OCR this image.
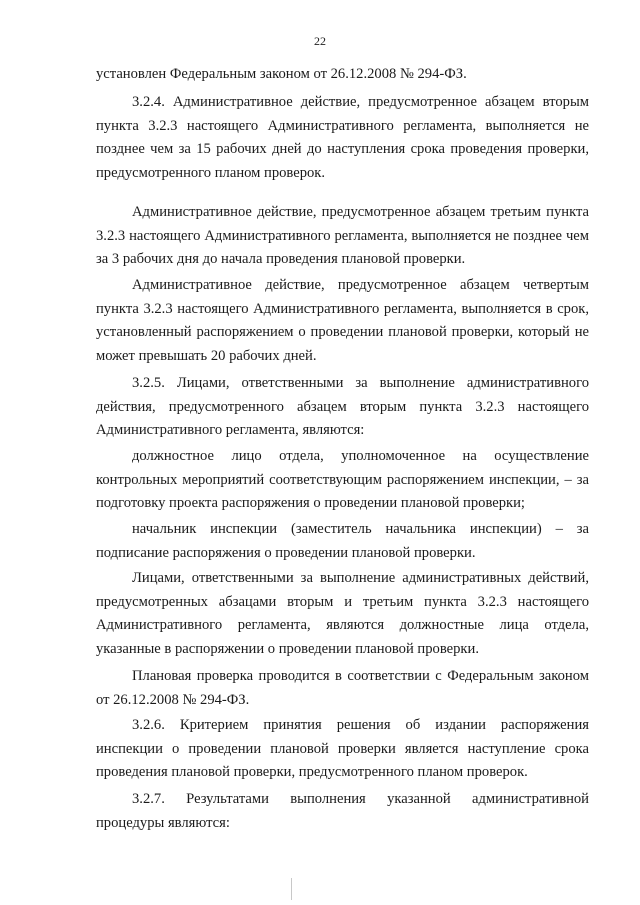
22

установлен Федеральным законом от 26.12.2008 № 294-ФЗ.

3.2.4. Административное действие, предусмотренное абзацем вторым пункта 3.2.3 настоящего Административного регламента, выполняется не позднее чем за 15 рабочих дней до наступления срока проведения проверки, предусмотренного планом проверок.

Административное действие, предусмотренное абзацем третьим пункта 3.2.3 настоящего Административного регламента, выполняется не позднее чем за 3 рабочих дня до начала проведения плановой проверки.

Административное действие, предусмотренное абзацем четвертым пункта 3.2.3 настоящего Административного регламента, выполняется в срок, установленный распоряжением о проведении плановой проверки, который не может превышать 20 рабочих дней.

3.2.5. Лицами, ответственными за выполнение административного действия, предусмотренного абзацем вторым пункта 3.2.3 настоящего Административного регламента, являются:

должностное лицо отдела, уполномоченное на осуществление контрольных мероприятий соответствующим распоряжением инспекции, – за подготовку проекта распоряжения о проведении плановой проверки;

начальник инспекции (заместитель начальника инспекции) – за подписание распоряжения о проведении плановой проверки.

Лицами, ответственными за выполнение административных действий, предусмотренных абзацами вторым и третьим пункта 3.2.3 настоящего Административного регламента, являются должностные лица отдела, указанные в распоряжении о проведении плановой проверки.

Плановая проверка проводится в соответствии с Федеральным законом от 26.12.2008 № 294-ФЗ.

3.2.6. Критерием принятия решения об издании распоряжения инспекции о проведении плановой проверки является наступление срока проведения плановой проверки, предусмотренного планом проверок.

3.2.7. Результатами выполнения указанной административной процедуры являются:
